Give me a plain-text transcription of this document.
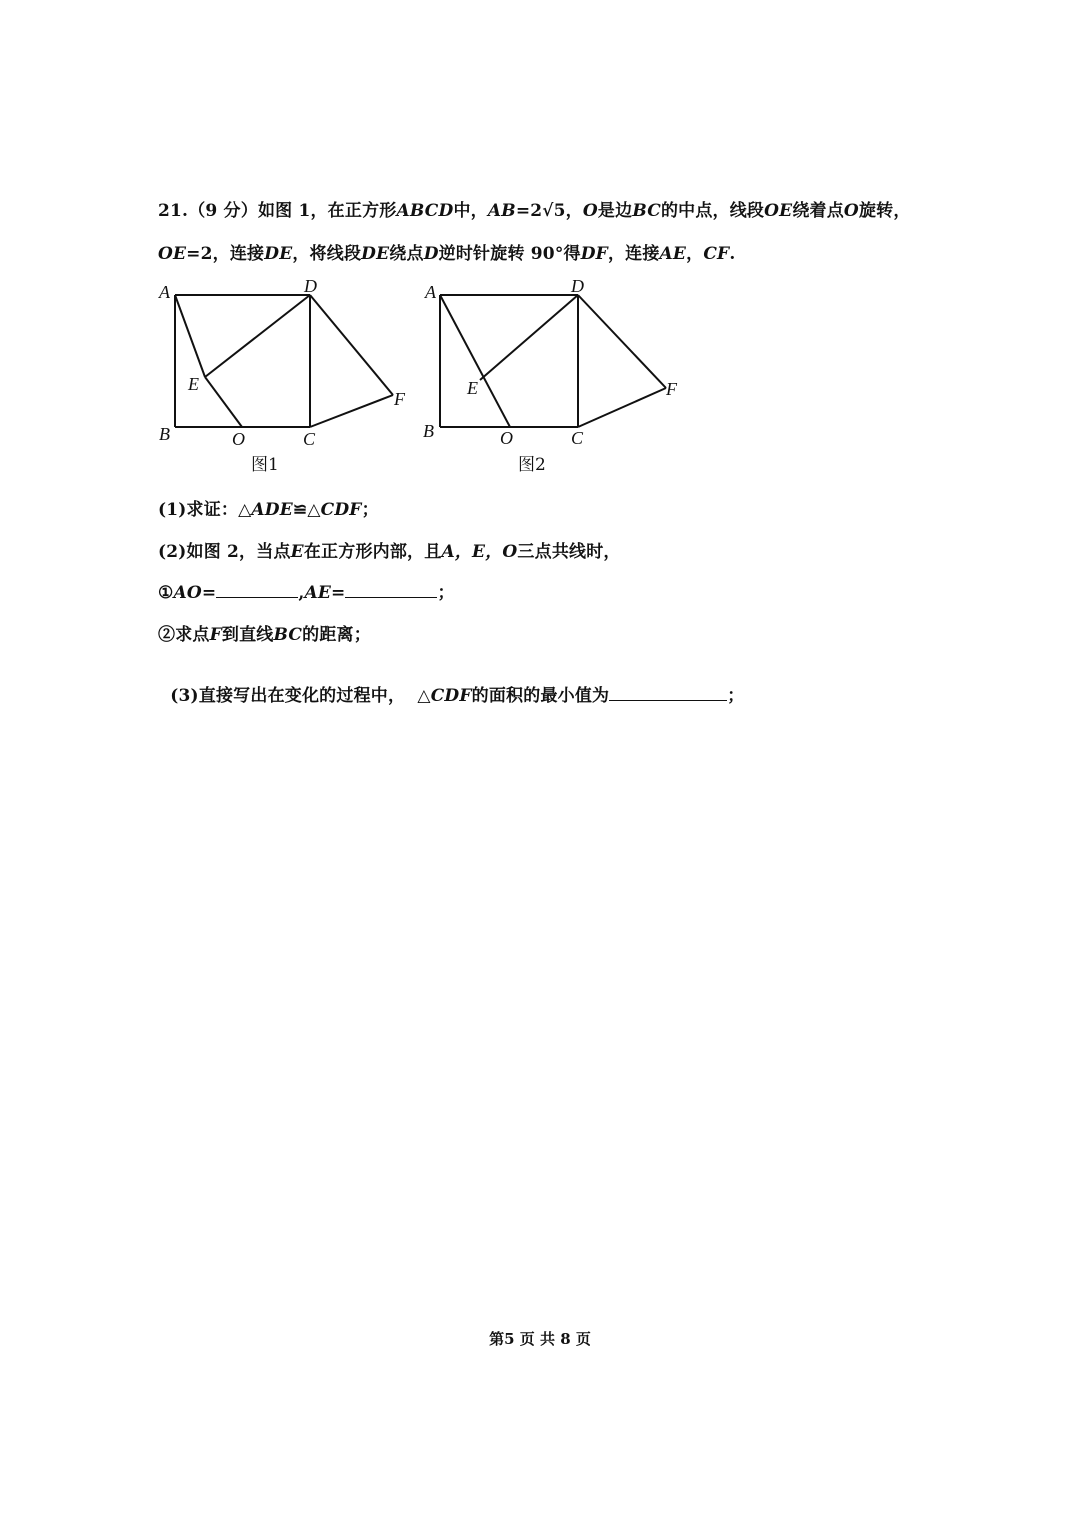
21.（9 分）如图 1，在正方形ABCD中，AB=2√5，O是边BC的中点，线段OE绕着点O旋转，
OE=2，连接DE，将线段DE绕点D逆时针旋转 90°得DF，连接AE，CF.
A	D
E
F
B	O	C
图1
A	D
E	F
B	O	C
图2
(1)求证：△ADE≌△CDF；
(2)如图 2，当点E在正方形内部，且A，E，O三点共线时，
①AO=	,AE=	；
②求点F到直线BC的距离；

(3)直接写出在变化的过程中，  △CDF的面积的最小值为	；

第5 页 共 8 页
